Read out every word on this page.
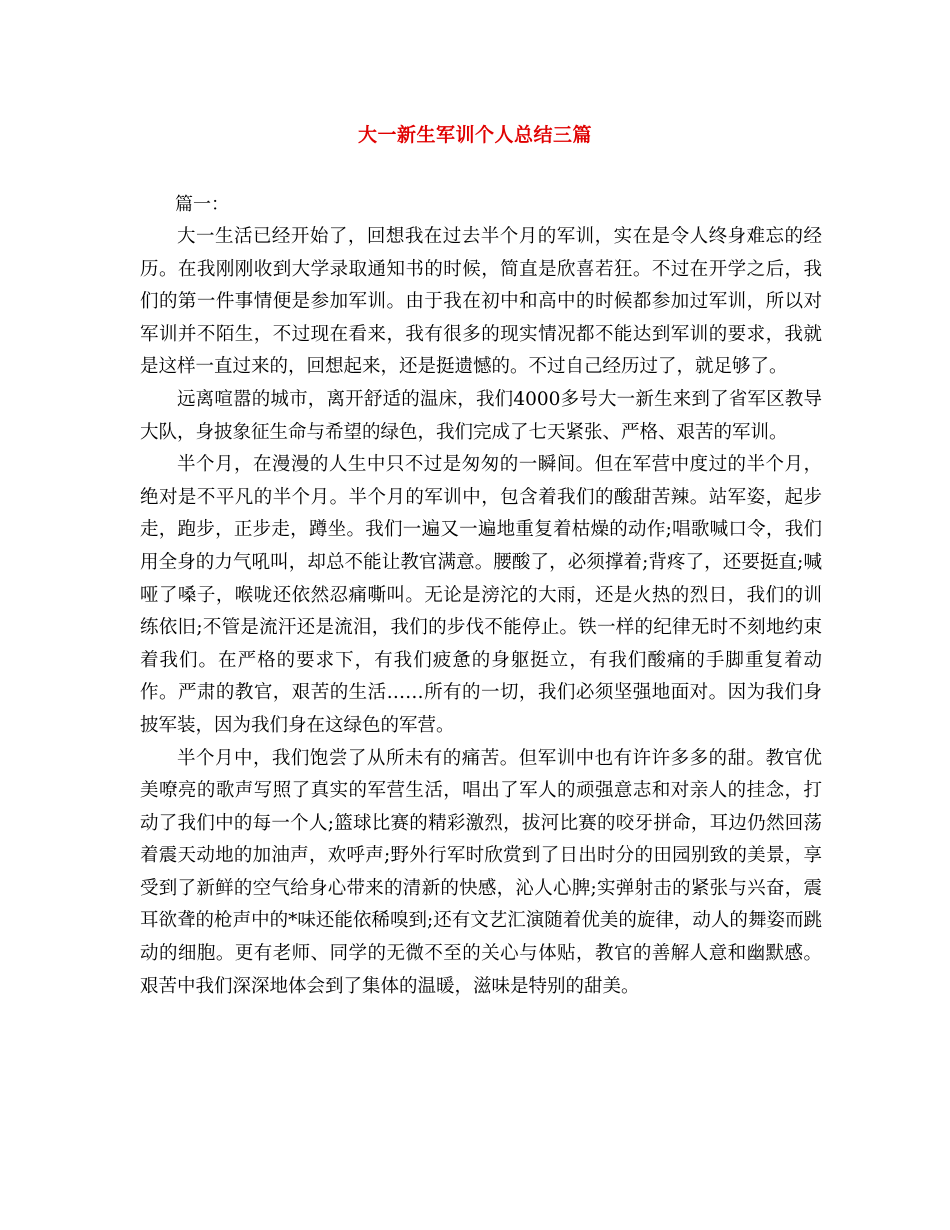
大一新生军训个人总结三篇
篇一：

大一生活已经开始了，回想我在过去半个月的军训，实在是令人终身难忘的经历。在我刚刚收到大学录取通知书的时候，简直是欣喜若狂。不过在开学之后，我们的第一件事情便是参加军训。由于我在初中和高中的时候都参加过军训，所以对军训并不陌生，不过现在看来，我有很多的现实情况都不能达到军训的要求，我就是这样一直过来的，回想起来，还是挺遗憾的。不过自己经历过了，就足够了。

远离喧嚣的城市，离开舒适的温床，我们4000多号大一新生来到了省军区教导大队，身披象征生命与希望的绿色，我们完成了七天紧张、严格、艰苦的军训。

半个月，在漫漫的人生中只不过是匆匆的一瞬间。但在军营中度过的半个月，绝对是不平凡的半个月。半个月的军训中，包含着我们的酸甜苦辣。站军姿，起步走，跑步，正步走，蹲坐。我们一遍又一遍地重复着枯燥的动作;唱歌喊口令，我们用全身的力气吼叫，却总不能让教官满意。腰酸了，必须撑着;背疼了，还要挺直;喊哑了嗓子，喉咙还依然忍痛嘶叫。无论是滂沱的大雨，还是火热的烈日，我们的训练依旧;不管是流汗还是流泪，我们的步伐不能停止。铁一样的纪律无时不刻地约束着我们。在严格的要求下，有我们疲惫的身躯挺立，有我们酸痛的手脚重复着动作。严肃的教官，艰苦的生活……所有的一切，我们必须坚强地面对。因为我们身披军装，因为我们身在这绿色的军营。

半个月中，我们饱尝了从所未有的痛苦。但军训中也有许许多多的甜。教官优美嘹亮的歌声写照了真实的军营生活，唱出了军人的顽强意志和对亲人的挂念，打动了我们中的每一个人;篮球比赛的精彩激烈，拔河比赛的咬牙拼命，耳边仍然回荡着震天动地的加油声，欢呼声;野外行军时欣赏到了日出时分的田园别致的美景，享受到了新鲜的空气给身心带来的清新的快感，沁人心脾;实弹射击的紧张与兴奋，震耳欲聋的枪声中的*味还能依稀嗅到;还有文艺汇演随着优美的旋律，动人的舞姿而跳动的细胞。更有老师、同学的无微不至的关心与体贴，教官的善解人意和幽默感。艰苦中我们深深地体会到了集体的温暖，滋味是特别的甜美。
